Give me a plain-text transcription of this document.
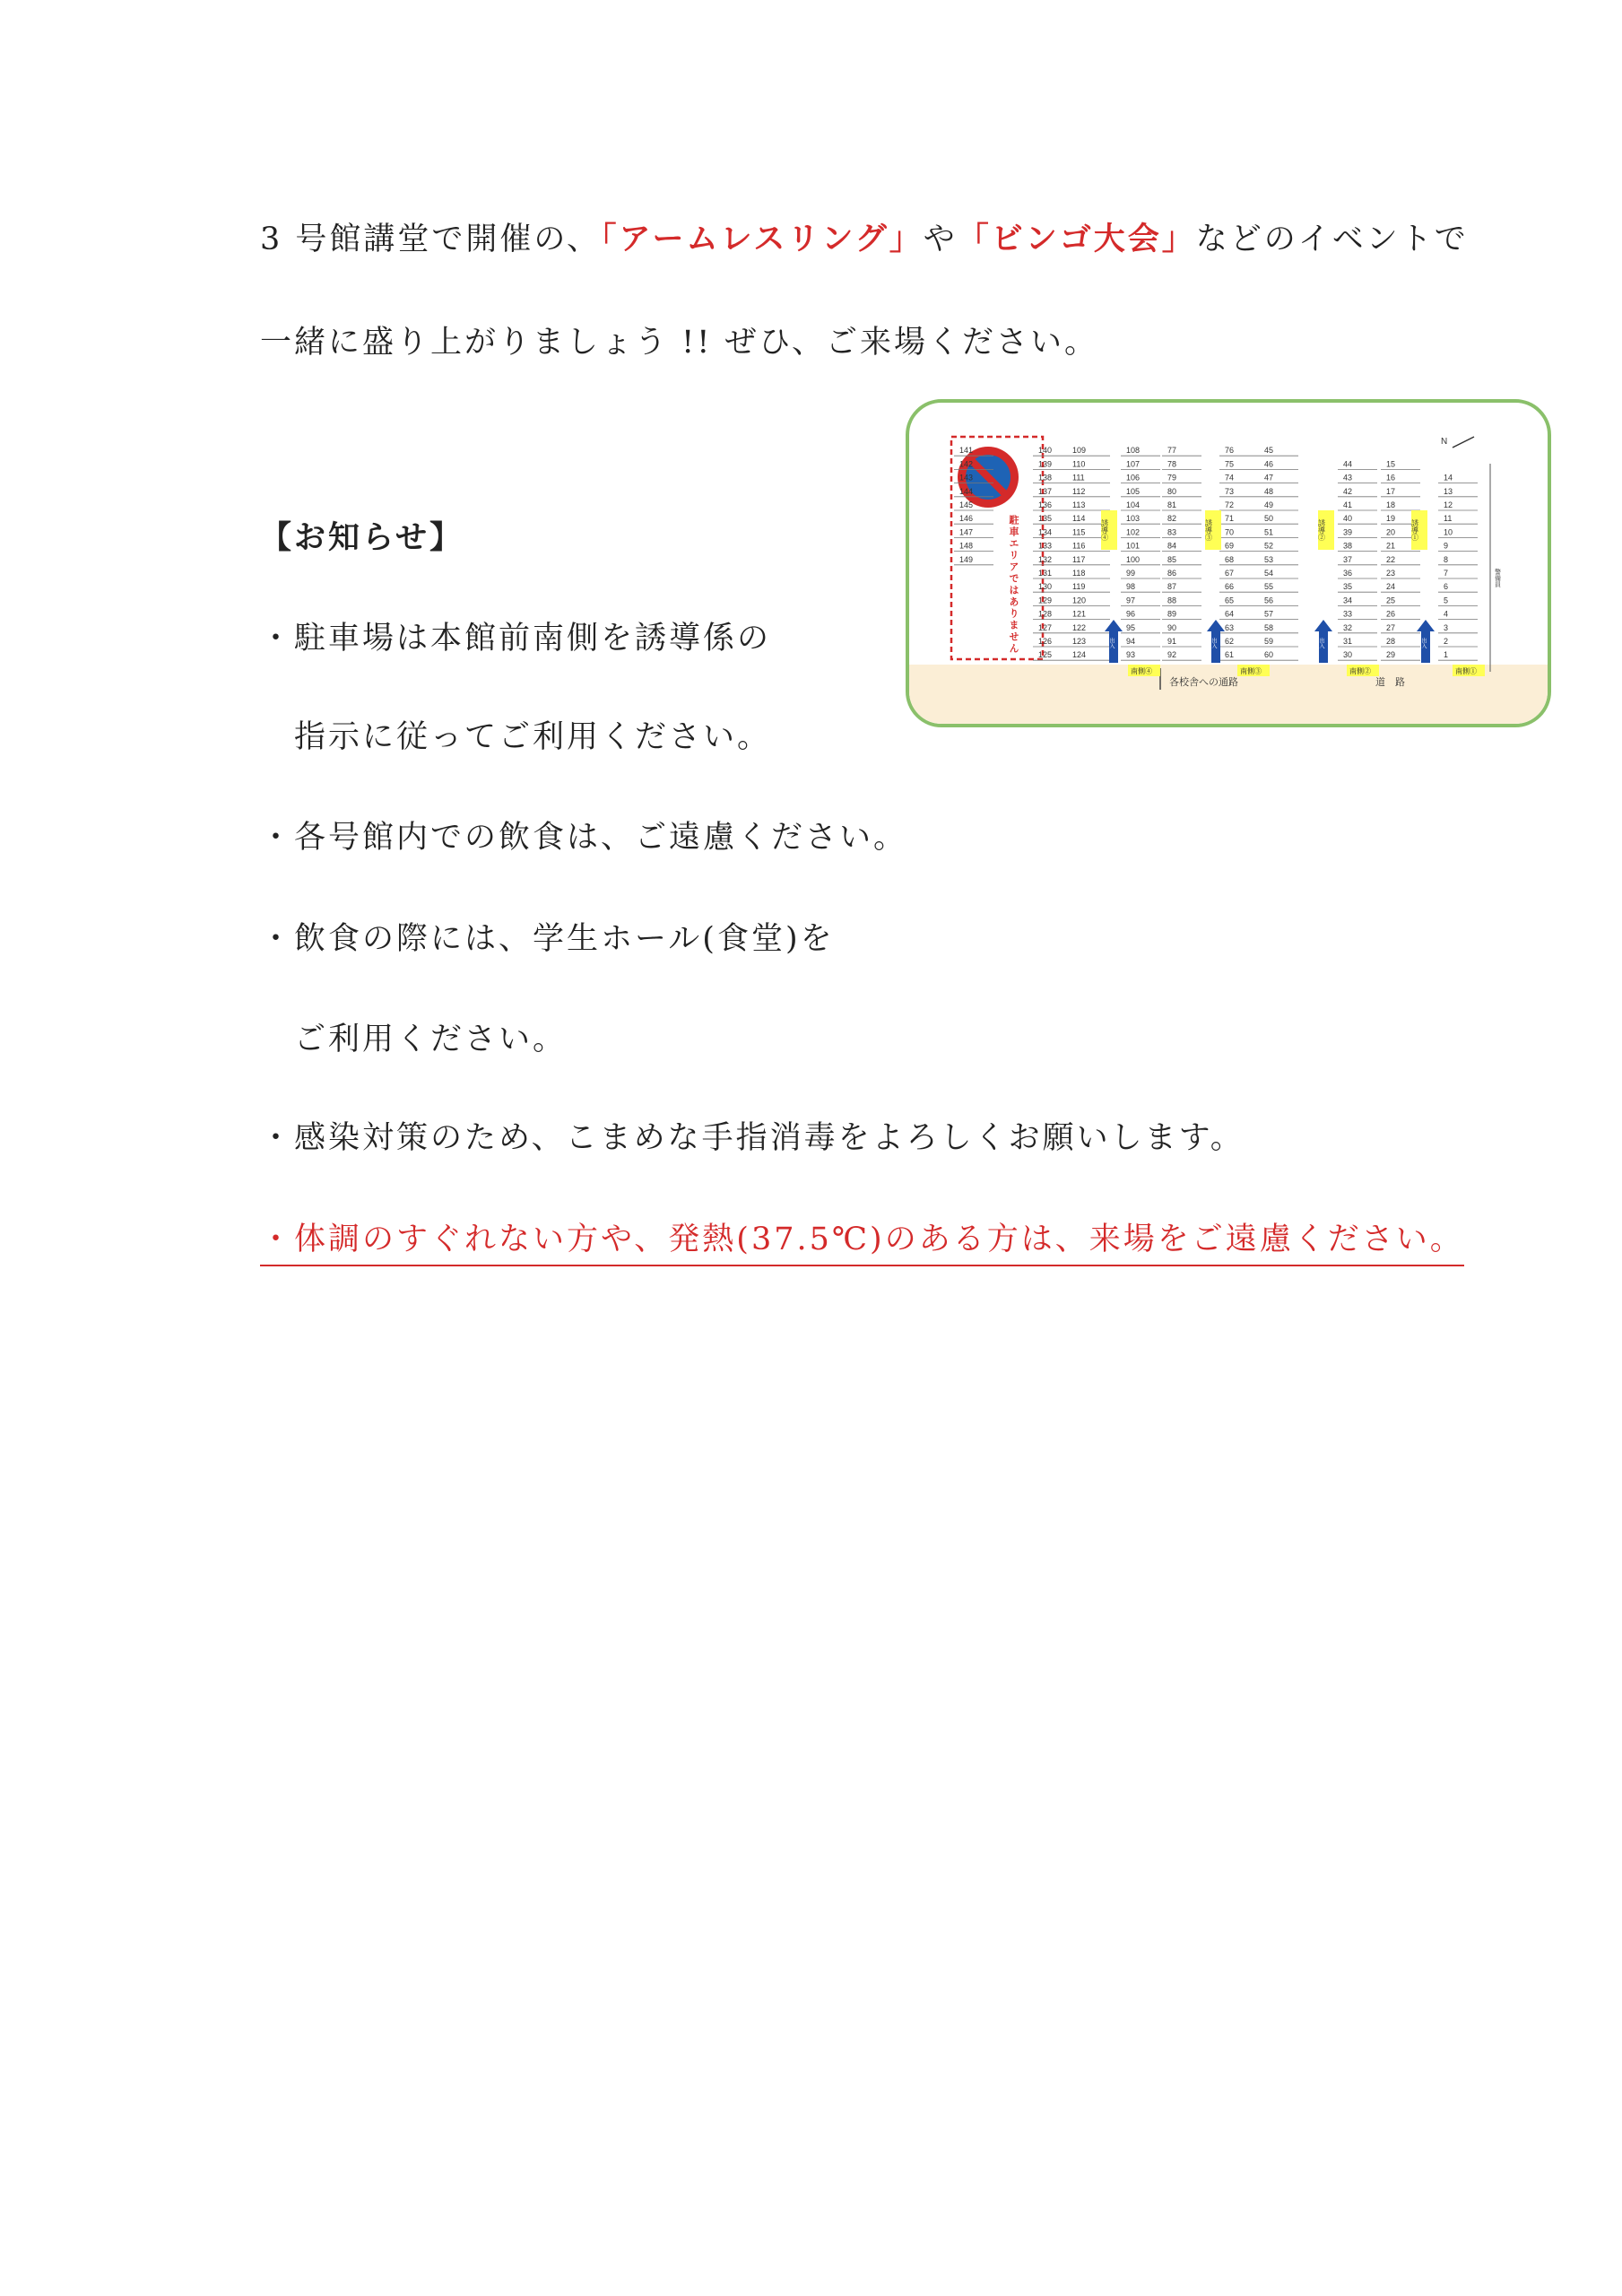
3 号館講堂で開催の、「アームレスリング」や「ビンゴ大会」などのイベントで
一緒に盛り上がりましょう !! ぜひ、ご来場ください。
【お知らせ】
・駐車場は本館前南側を誘導係の
指示に従ってご利用ください。
・各号館内での飲食は、ご遠慮ください。
・飲食の際には、学生ホール(食堂)を
ご利用ください。
・感染対策のため、こまめな手指消毒をよろしくお願いします。
・体調のすぐれない方や、発熱(37.5℃)のある方は、来場をご遠慮ください。
各校舎への通路	道　路
N
警備員
駐車エリアではありません
141
142
143
144
145
146
147
148
149
140
139
138
137
136
135
134
133
132
131
130
129
128
127
126
125
109
110
111
112
113
114
115
116
117
118
119
120
121
122
123
124
108
107
106
105
104
103
102
101
100
99
98
97
96
95
94
93
77
78
79
80
81
82
83
84
85
86
87
88
89
90
91
92
76
75
74
73
72
71
70
69
68
67
66
65
64
63
62
61
45
46
47
48
49
50
51
52
53
54
55
56
57
58
59
60
44
43
42
41
40
39
38
37
36
35
34
33
32
31
30
15
16
17
18
19
20
21
22
23
24
25
26
27
28
29
14
13
12
11
10
9
8
7
6
5
4
3
2
1
誘導④	誘導③	誘導②	誘導①
出入	出入	出入	出入
南側④	南側③	南側②	南側①
